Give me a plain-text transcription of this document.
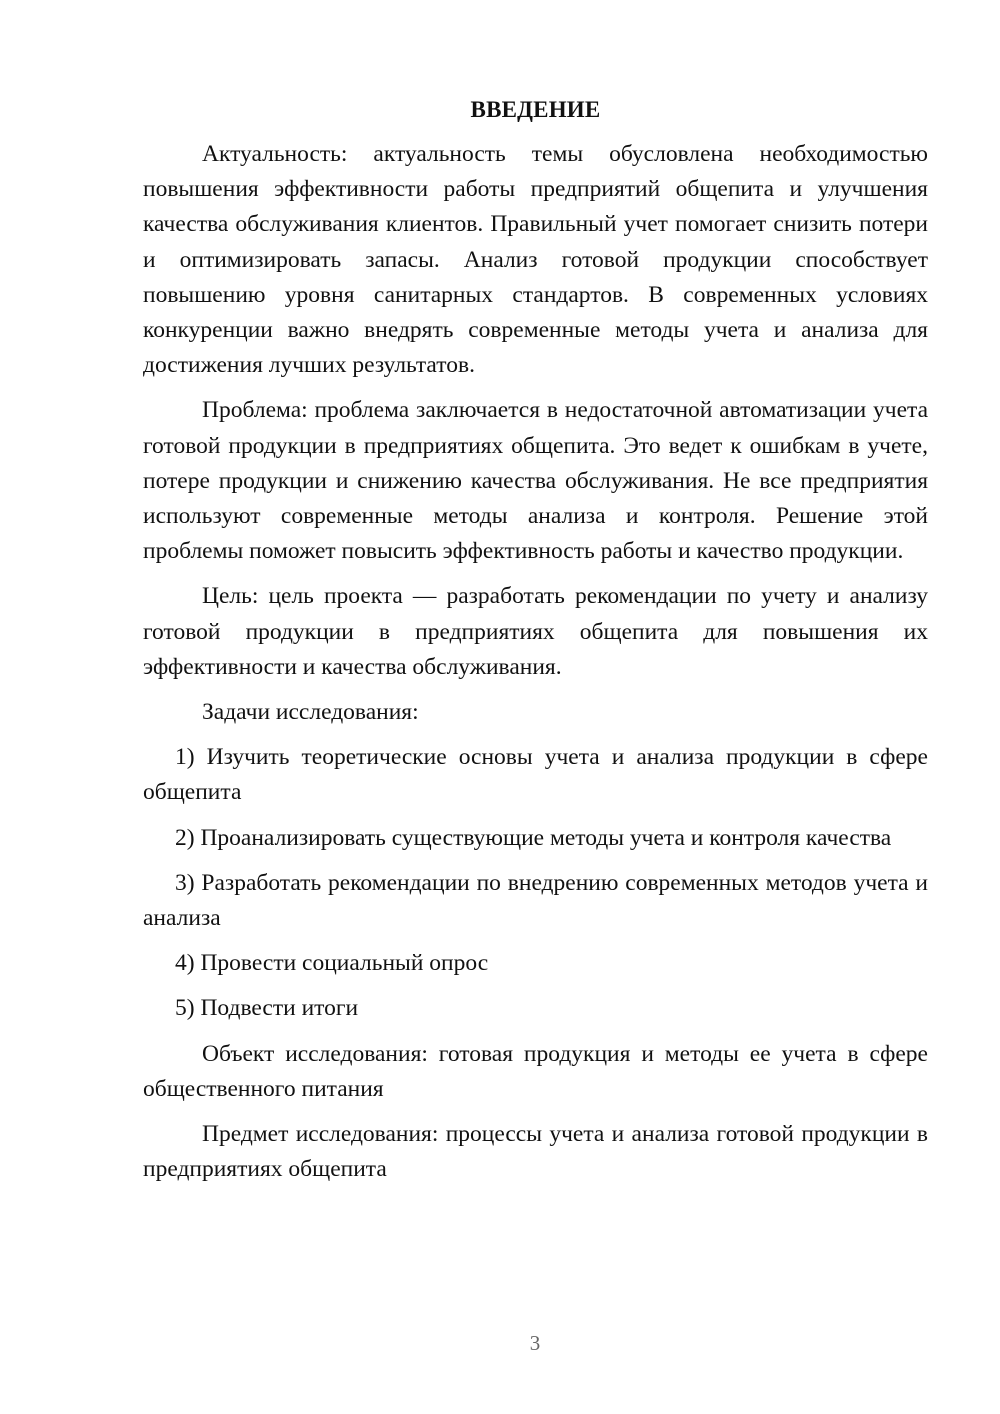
ВВЕДЕНИЕ

Актуальность: актуальность темы обусловлена необходимостью повышения эффективности работы предприятий общепита и улучшения качества обслуживания клиентов. Правильный учет помогает снизить потери и оптимизировать запасы. Анализ готовой продукции способствует повышению уровня санитарных стандартов. В современных условиях конкуренции важно внедрять современные методы учета и анализа для достижения лучших результатов.

Проблема: проблема заключается в недостаточной автоматизации учета готовой продукции в предприятиях общепита. Это ведет к ошибкам в учете, потере продукции и снижению качества обслуживания. Не все предприятия используют современные методы анализа и контроля. Решение этой проблемы поможет повысить эффективность работы и качество продукции.

Цель: цель проекта — разработать рекомендации по учету и анализу готовой продукции в предприятиях общепита для повышения их эффективности и качества обслуживания.

Задачи исследования:

1) Изучить теоретические основы учета и анализа продукции в сфере общепита

2) Проанализировать существующие методы учета и контроля качества

3) Разработать рекомендации по внедрению современных методов учета и анализа

4) Провести социальный опрос

5) Подвести итоги

Объект исследования: готовая продукция и методы ее учета в сфере общественного питания

Предмет исследования: процессы учета и анализа готовой продукции в предприятиях общепита

3
